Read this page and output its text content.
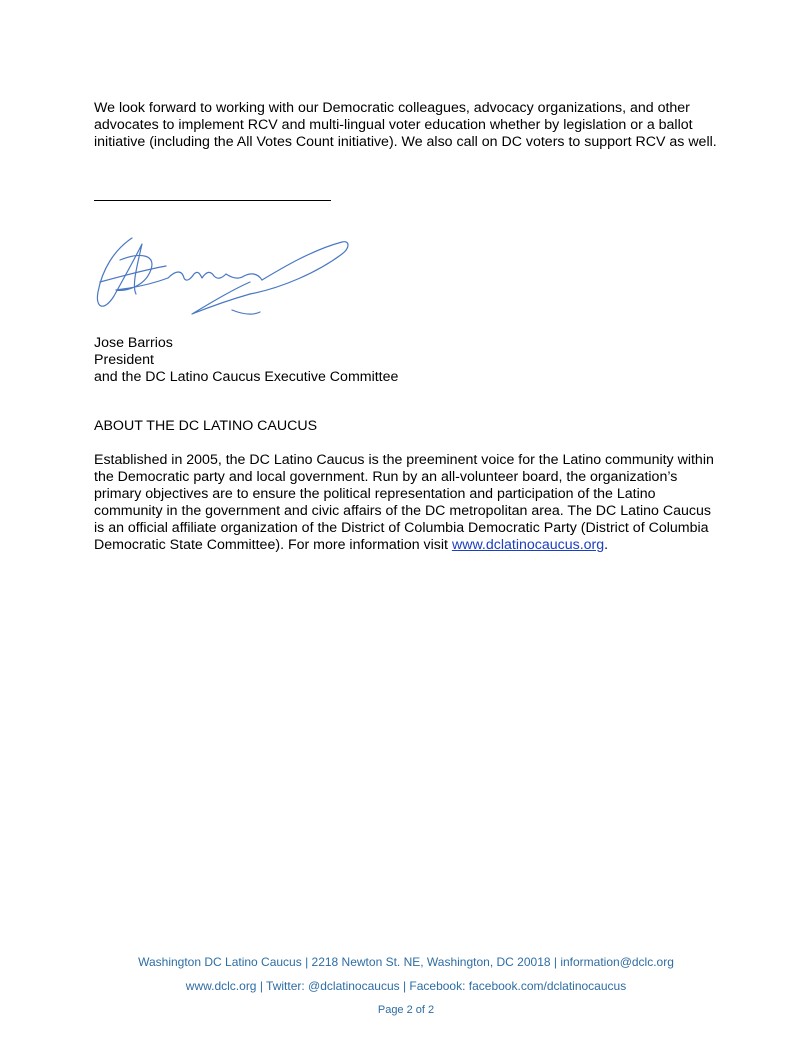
We look forward to working with our Democratic colleagues, advocacy organizations, and other advocates to implement RCV and multi-lingual voter education whether by legislation or a ballot initiative (including the All Votes Count initiative). We also call on DC voters to support RCV as well.

Jose Barrios
President
and the DC Latino Caucus Executive Committee
ABOUT THE DC LATINO CAUCUS

Established in 2005, the DC Latino Caucus is the preeminent voice for the Latino community within the Democratic party and local government. Run by an all-volunteer board, the organization’s primary objectives are to ensure the political representation and participation of the Latino community in the government and civic affairs of the DC metropolitan area. The DC Latino Caucus is an official affiliate organization of the District of Columbia Democratic Party (District of Columbia Democratic State Committee). For more information visit www.dclatinocaucus.org.

Washington DC Latino Caucus | 2218 Newton St. NE, Washington, DC 20018 | information@dclc.org
www.dclc.org | Twitter: @dclatinocaucus | Facebook: facebook.com/dclatinocaucus
Page 2 of 2
